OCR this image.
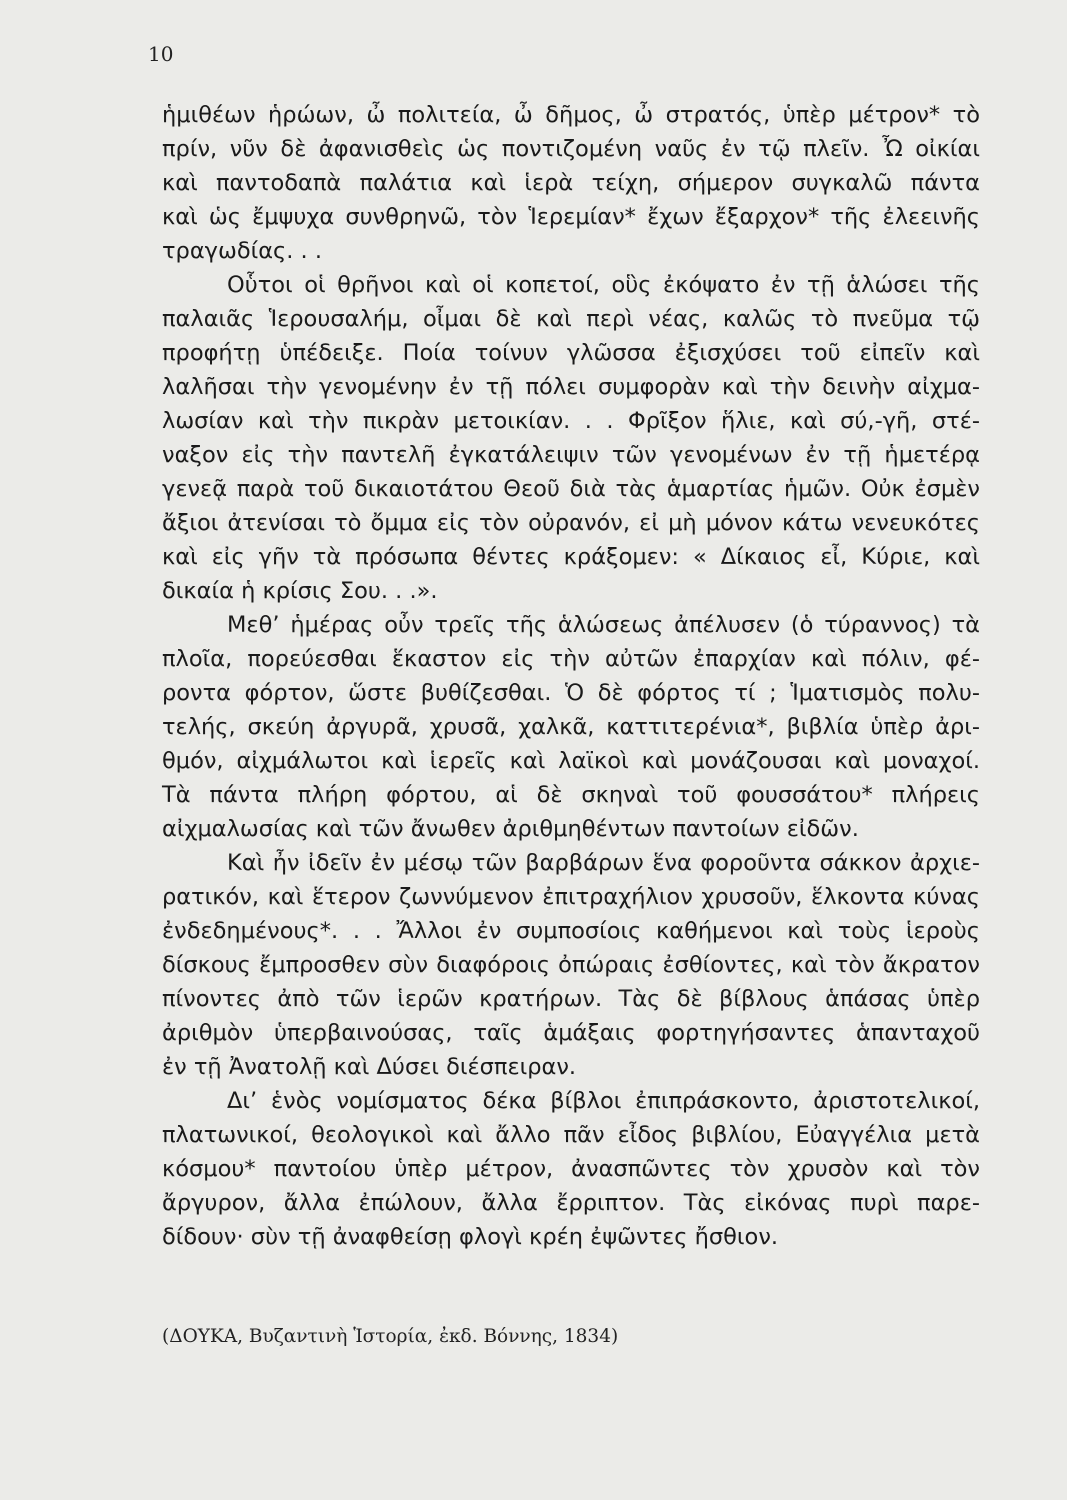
10
ἡμιθέων ἡρώων, ὦ πολιτεία, ὦ δῆμος, ὦ στρατός, ὑπὲρ μέτρον* τὸ
πρίν, νῦν δὲ ἀφανισθεὶς ὡς ποντιζομένη ναῦς ἐν τῷ πλεῖν. Ὦ οἰκίαι
καὶ παντοδαπὰ παλάτια καὶ ἱερὰ τείχη, σήμερον συγκαλῶ πάντα
καὶ ὡς ἔμψυχα συνθρηνῶ, τὸν Ἱερεμίαν* ἔχων ἔξαρχον* τῆς ἐλεεινῆς
τραγωδίας. . .
Οὗτοι οἱ θρῆνοι καὶ οἱ κοπετοί, οὓς ἐκόψατο ἐν τῇ ἁλώσει τῆς
παλαιᾶς Ἱερουσαλήμ, οἶμαι δὲ καὶ περὶ νέας, καλῶς τὸ πνεῦμα τῷ
προφήτῃ ὑπέδειξε. Ποία τοίνυν γλῶσσα ἐξισχύσει τοῦ εἰπεῖν καὶ
λαλῆσαι τὴν γενομένην ἐν τῇ πόλει συμφορὰν καὶ τὴν δεινὴν αἰχμα-
λωσίαν καὶ τὴν πικρὰν μετοικίαν. . . Φρῖξον ἥλιε, καὶ σύ,-γῆ, στέ-
ναξον εἰς τὴν παντελῆ ἐγκατάλειψιν τῶν γενομένων ἐν τῇ ἡμετέρᾳ
γενεᾷ παρὰ τοῦ δικαιοτάτου Θεοῦ διὰ τὰς ἁμαρτίας ἡμῶν. Οὐκ ἐσμὲν
ἄξιοι ἀτενίσαι τὸ ὄμμα εἰς τὸν οὐρανόν, εἰ μὴ μόνον κάτω νενευκότες
καὶ εἰς γῆν τὰ πρόσωπα θέντες κράξομεν: « Δίκαιος εἶ, Κύριε, καὶ
δικαία ἡ κρίσις Σου. . .».
Μεθ’ ἡμέρας οὖν τρεῖς τῆς ἁλώσεως ἀπέλυσεν (ὁ τύραννος) τὰ
πλοῖα, πορεύεσθαι ἕκαστον εἰς τὴν αὐτῶν ἐπαρχίαν καὶ πόλιν, φέ-
ροντα φόρτον, ὥστε βυθίζεσθαι. Ὁ δὲ φόρτος τί ; Ἱματισμὸς πολυ-
τελής, σκεύη ἀργυρᾶ, χρυσᾶ, χαλκᾶ, καττιτερένια*, βιβλία ὑπὲρ ἀρι-
θμόν, αἰχμάλωτοι καὶ ἱερεῖς καὶ λαϊκοὶ καὶ μονάζουσαι καὶ μοναχοί.
Τὰ πάντα πλήρη φόρτου, αἱ δὲ σκηναὶ τοῦ φουσσάτου* πλήρεις
αἰχμαλωσίας καὶ τῶν ἄνωθεν ἀριθμηθέντων παντοίων εἰδῶν.
Καὶ ἦν ἰδεῖν ἐν μέσῳ τῶν βαρβάρων ἕνα φοροῦντα σάκκον ἀρχιε-
ρατικόν, καὶ ἕτερον ζωννύμενον ἐπιτραχήλιον χρυσοῦν, ἕλκοντα κύνας
ἐνδεδημένους*. . . Ἄλλοι ἐν συμποσίοις καθήμενοι καὶ τοὺς ἱεροὺς
δίσκους ἔμπροσθεν σὺν διαφόροις ὀπώραις ἐσθίοντες, καὶ τὸν ἄκρατον
πίνοντες ἀπὸ τῶν ἱερῶν κρατήρων. Τὰς δὲ βίβλους ἁπάσας ὑπὲρ
ἀριθμὸν ὑπερβαινούσας, ταῖς ἁμάξαις φορτηγήσαντες ἁπανταχοῦ
ἐν τῇ Ἀνατολῇ καὶ Δύσει διέσπειραν.
Δι’ ἑνὸς νομίσματος δέκα βίβλοι ἐπιπράσκοντο, ἀριστοτελικοί,
πλατωνικοί, θεολογικοὶ καὶ ἄλλο πᾶν εἶδος βιβλίου, Εὐαγγέλια μετὰ
κόσμου* παντοίου ὑπὲρ μέτρον, ἀνασπῶντες τὸν χρυσὸν καὶ τὸν
ἄργυρον, ἄλλα ἐπώλουν, ἄλλα ἔρριπτον. Τὰς εἰκόνας πυρὶ παρε-
δίδουν· σὺν τῇ ἀναφθείσῃ φλογὶ κρέη ἐψῶντες ἤσθιον.
(ΔΟΥΚΑ, Βυζαντινὴ Ἱστορία, ἐκδ. Βόννης, 1834)
